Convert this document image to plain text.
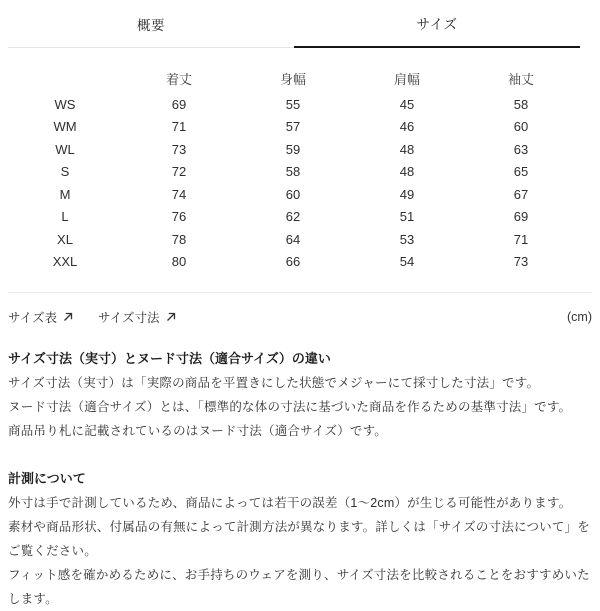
概要	サイズ
	着丈	身幅	肩幅	袖丈
WS	69	55	45	58
WM	71	57	46	60
WL	73	59	48	63
S	72	58	48	65
M	74	60	49	67
L	76	62	51	69
XL	78	64	53	71
XXL	80	66	54	73
サイズ表	サイズ寸法	(cm)
サイズ寸法（実寸）とヌード寸法（適合サイズ）の違い
サイズ寸法（実寸）は「実際の商品を平置きにした状態でメジャーにて採寸した寸法」です。
ヌード寸法（適合サイズ）とは、「標準的な体の寸法に基づいた商品を作るための基準寸法」です。
商品吊り札に記載されているのはヌード寸法（適合サイズ）です。
計測について
外寸は手で計測しているため、商品によっては若干の誤差（1～2cm）が生じる可能性があります。
素材や商品形状、付属品の有無によって計測方法が異なります。詳しくは「サイズの寸法について」をご覧ください。
フィット感を確かめるために、お手持ちのウェアを測り、サイズ寸法を比較されることをおすすめいたします。
